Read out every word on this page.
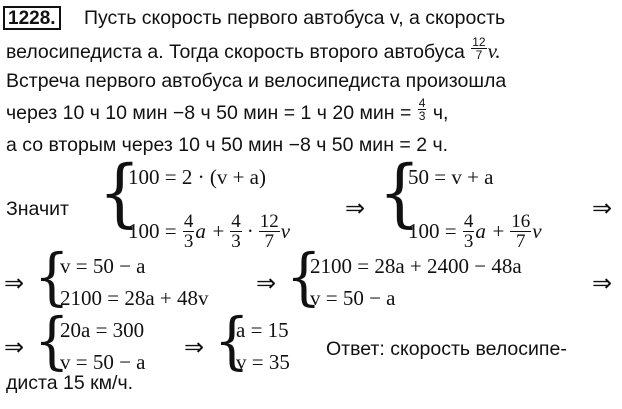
1228. Пусть скорость первого автобуса v, а скорость
велосипедиста a. Тогда скорость второго автобуса $\frac{12}{7} v$.
Встреча первого автобуса и велосипедиста произошла
через 10 ч 10 мин −8 ч 50 мин = 1 ч 20 мин = $\frac{4}{3} ч$,
а со вторым через 10 ч 50 мин −8 ч 50 мин = 2 ч.
Значит {
100 = 2 · (v + a)
100 =
$\frac{4}{3}$ $a + \frac{4}{3} \cdot \frac{12}{7}$ v
⇒ {
50 = v + a
100 =
$\frac{4}{3}$ $a + \frac{16}{7}$ v
⇒
⇒ {
v = 50 − a
2100 = 28a + 48v
⇒ {
2100 = 28a + 2400 − 48a
v = 50 − a
⇒
⇒ {
20a = 300
v = 50 − a
⇒ {
a = 15
v = 35
Ответ: скорость велосипе-
диста 15 км/ч.
